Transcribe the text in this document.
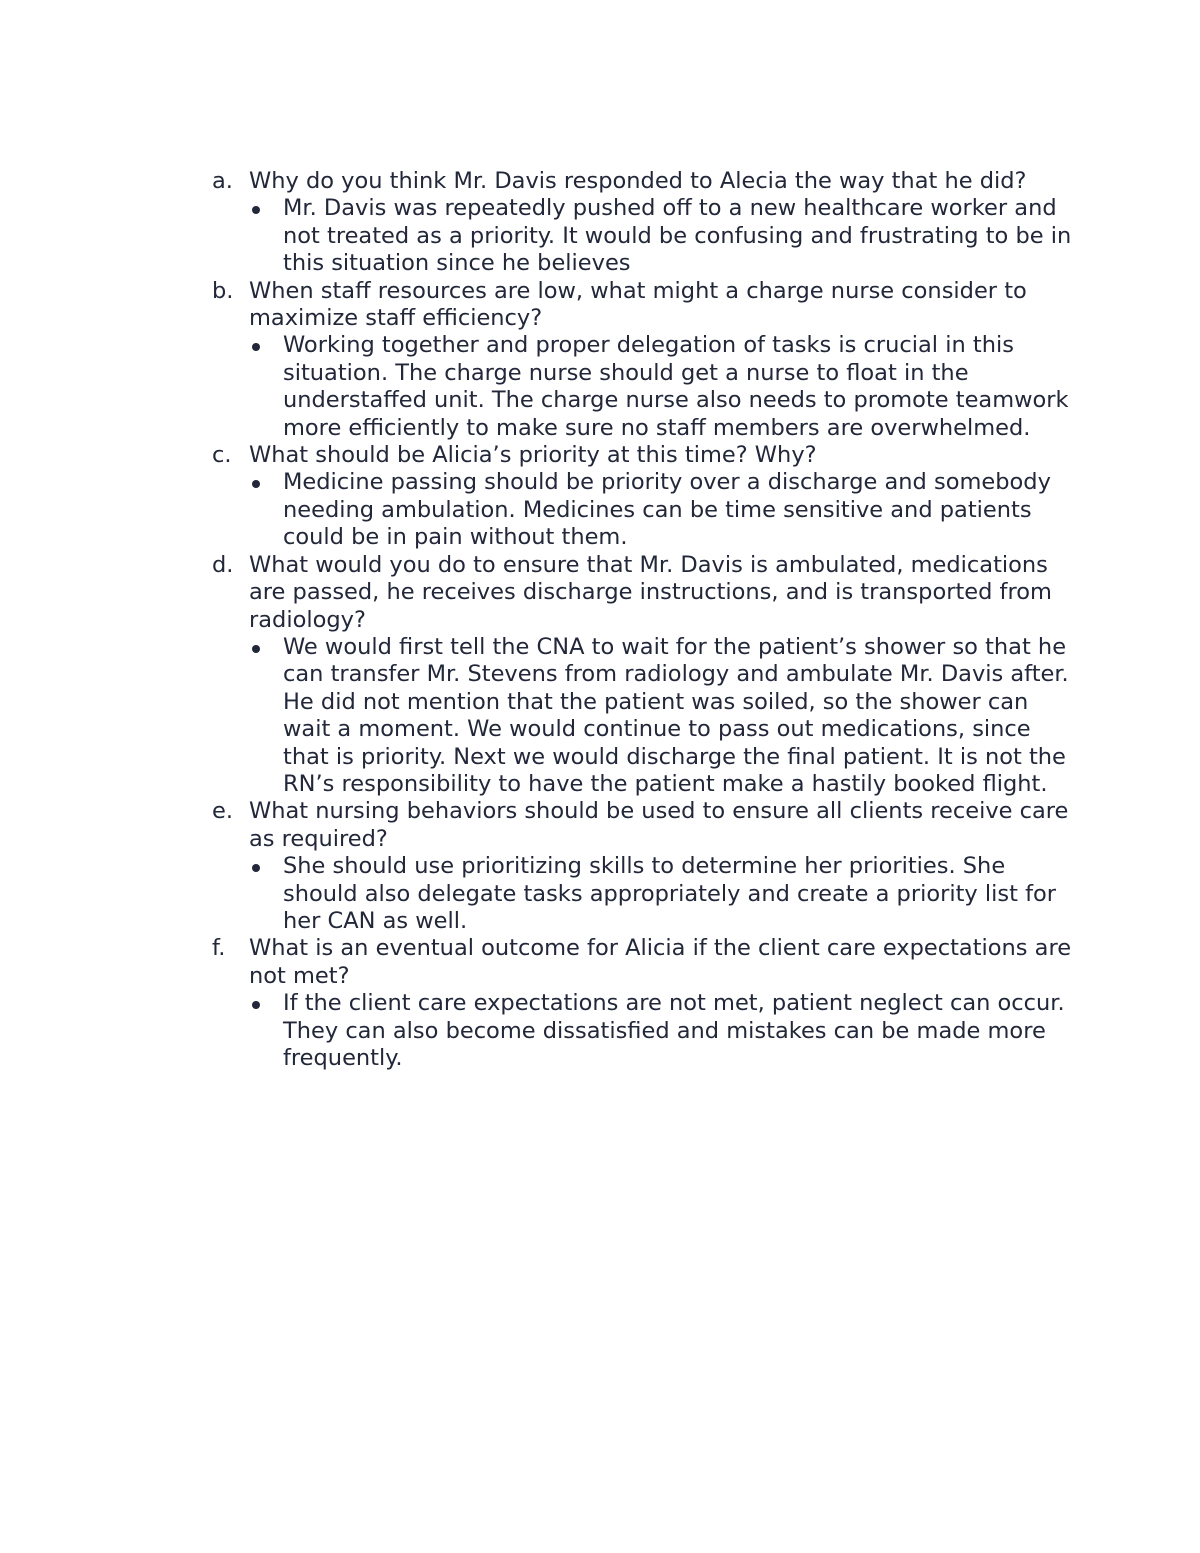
a. Why do you think Mr. Davis responded to Alecia the way that he did?
Mr. Davis was repeatedly pushed off to a new healthcare worker and not treated as a priority. It would be confusing and frustrating to be in this situation since he believes
b. When staff resources are low, what might a charge nurse consider to maximize staff efficiency?
Working together and proper delegation of tasks is crucial in this situation. The charge nurse should get a nurse to float in the understaffed unit. The charge nurse also needs to promote teamwork more efficiently to make sure no staff members are overwhelmed.
c. What should be Alicia’s priority at this time? Why?
Medicine passing should be priority over a discharge and somebody needing ambulation. Medicines can be time sensitive and patients could be in pain without them.
d. What would you do to ensure that Mr. Davis is ambulated, medications are passed, he receives discharge instructions, and is transported from radiology?
We would first tell the CNA to wait for the patient’s shower so that he can transfer Mr. Stevens from radiology and ambulate Mr. Davis after. He did not mention that the patient was soiled, so the shower can wait a moment. We would continue to pass out medications, since that is priority. Next we would discharge the final patient. It is not the RN’s responsibility to have the patient make a hastily booked flight.
e. What nursing behaviors should be used to ensure all clients receive care as required?
She should use prioritizing skills to determine her priorities. She should also delegate tasks appropriately and create a priority list for her CAN as well.
f. What is an eventual outcome for Alicia if the client care expectations are not met?
If the client care expectations are not met, patient neglect can occur. They can also become dissatisfied and mistakes can be made more frequently.
